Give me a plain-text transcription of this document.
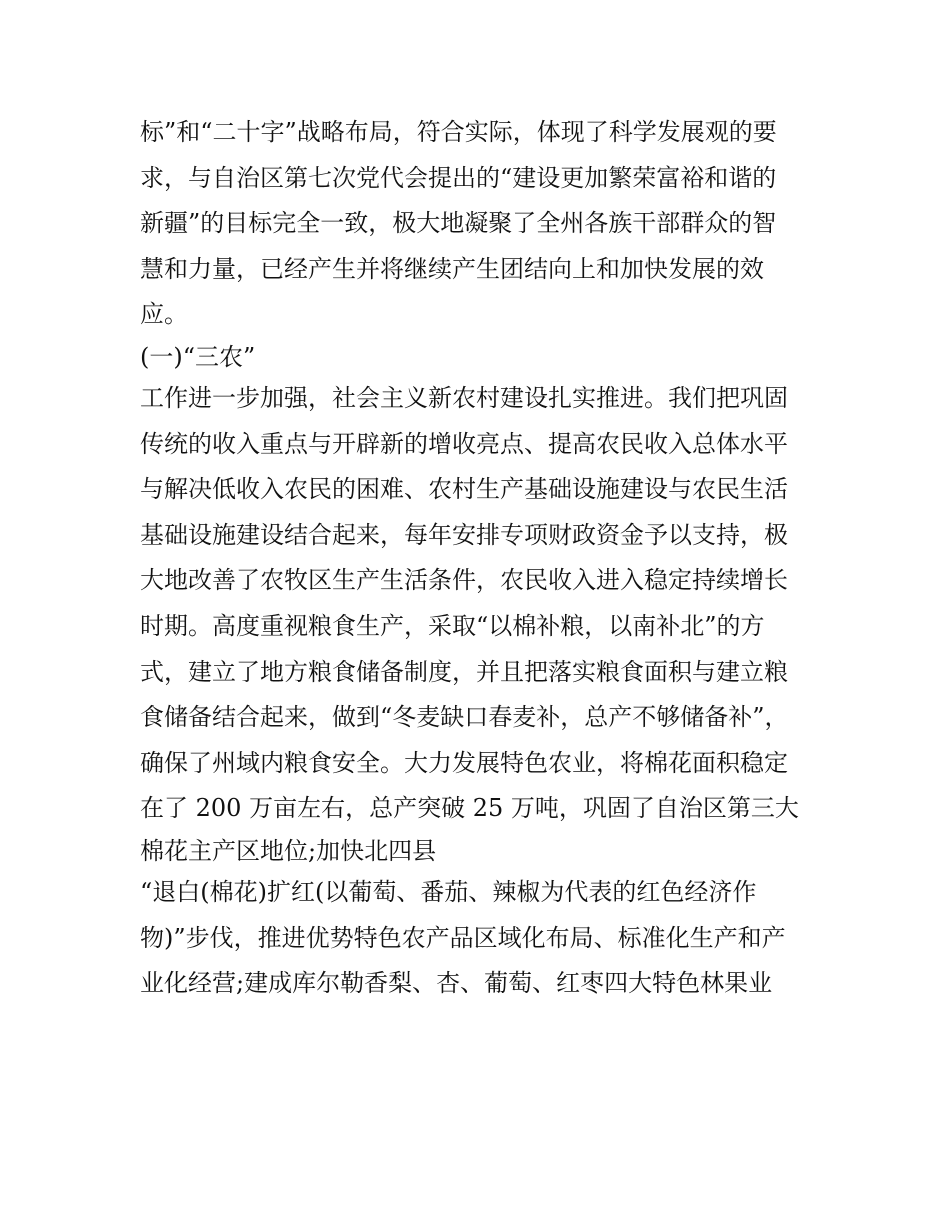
标”和“二十字”战略布局，符合实际，体现了科学发展观的要
求，与自治区第七次党代会提出的“建设更加繁荣富裕和谐的
新疆”的目标完全一致，极大地凝聚了全州各族干部群众的智
慧和力量，已经产生并将继续产生团结向上和加快发展的效
应。
(一)“三农”
工作进一步加强，社会主义新农村建设扎实推进。我们把巩固
传统的收入重点与开辟新的增收亮点、提高农民收入总体水平
与解决低收入农民的困难、农村生产基础设施建设与农民生活
基础设施建设结合起来，每年安排专项财政资金予以支持，极
大地改善了农牧区生产生活条件，农民收入进入稳定持续增长
时期。高度重视粮食生产，采取“以棉补粮，以南补北”的方
式，建立了地方粮食储备制度，并且把落实粮食面积与建立粮
食储备结合起来，做到“冬麦缺口春麦补，总产不够储备补”，
确保了州域内粮食安全。大力发展特色农业，将棉花面积稳定
在了 200 万亩左右，总产突破 25 万吨，巩固了自治区第三大
棉花主产区地位;加快北四县
“退白(棉花)扩红(以葡萄、番茄、辣椒为代表的红色经济作
物)”步伐，推进优势特色农产品区域化布局、标准化生产和产
业化经营;建成库尔勒香梨、杏、葡萄、红枣四大特色林果业
